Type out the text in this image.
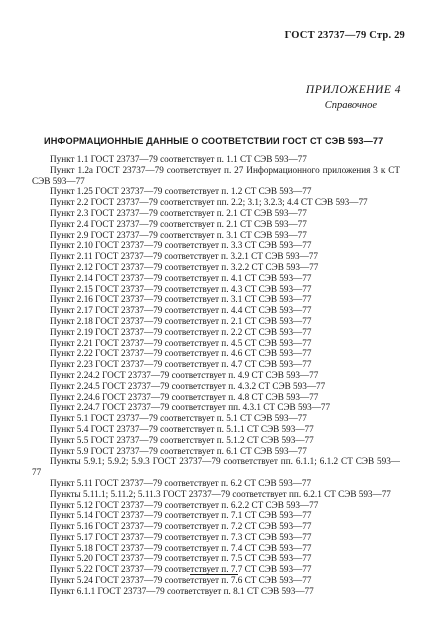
ГОСТ 23737—79 Стр. 29
ПРИЛОЖЕНИЕ 4
Справочное
ИНФОРМАЦИОННЫЕ ДАННЫЕ О СООТВЕТСТВИИ ГОСТ СТ СЭВ 593—77
Пункт 1.1 ГОСТ 23737—79 соответствует п. 1.1 СТ СЭВ 593—77
Пункт 1.2а ГОСТ 23737—79 соответствует п. 27 Информационного приложения 3 к СТ СЭВ 593—77
Пункт 1.25 ГОСТ 23737—79 соответствует п. 1.2 СТ СЭВ 593—77
Пункт 2.2 ГОСТ 23737—79 соответствует пп. 2.2; 3.1; 3.2.3; 4.4 СТ СЭВ 593—77
Пункт 2.3 ГОСТ 23737—79 соответствует п. 2.1 СТ СЭВ 593—77
Пункт 2.4 ГОСТ 23737—79 соответствует п. 2.1 СТ СЭВ 593—77
Пункт 2.9 ГОСТ 23737—79 соответствует п. 3.1 СТ СЭВ 593—77
Пункт 2.10 ГОСТ 23737—79 соответствует п. 3.3 СТ СЭВ 593—77
Пункт 2.11 ГОСТ 23737—79 соответствует п. 3.2.1 СТ СЭВ 593—77
Пункт 2.12 ГОСТ 23737—79 соответствует п. 3.2.2 СТ СЭВ 593—77
Пункт 2.14 ГОСТ 23737—79 соответствует п. 4.1 СТ СЭВ 593—77
Пункт 2.15 ГОСТ 23737—79 соответствует п. 4.3 СТ СЭВ 593—77
Пункт 2.16 ГОСТ 23737—79 соответствует п. 3.1 СТ СЭВ 593—77
Пункт 2.17 ГОСТ 23737—79 соответствует п. 4.4 СТ СЭВ 593—77
Пункт 2.18 ГОСТ 23737—79 соответствует п. 2.1 СТ СЭВ 593—77
Пункт 2.19 ГОСТ 23737—79 соответствует п. 2.2 СТ СЭВ 593—77
Пункт 2.21 ГОСТ 23737—79 соответствует п. 4.5 СТ СЭВ 593—77
Пункт 2.22 ГОСТ 23737—79 соответствует п. 4.6 СТ СЭВ 593—77
Пункт 2.23 ГОСТ 23737—79 соответствует п. 4.7 СТ СЭВ 593—77
Пункт 2.24.2 ГОСТ 23737—79 соответствует п. 4.9 СТ СЭВ 593—77
Пункт 2.24.5 ГОСТ 23737—79 соответствует п. 4.3.2 СТ СЭВ 593—77
Пункт 2.24.6 ГОСТ 23737—79 соответствует п. 4.8 СТ СЭВ 593—77
Пункт 2.24.7 ГОСТ 23737—79 соответствует пп. 4.3.1 СТ СЭВ 593—77
Пункт 5.1 ГОСТ 23737—79 соответствует п. 5.1 СТ СЭВ 593—77
Пункт 5.4 ГОСТ 23737—79 соответствует п. 5.1.1 СТ СЭВ 593—77
Пункт 5.5 ГОСТ 23737—79 соответствует п. 5.1.2 СТ СЭВ 593—77
Пункт 5.9 ГОСТ 23737—79 соответствует п. 6.1 СТ СЭВ 593—77
Пункты 5.9.1; 5.9.2; 5.9.3 ГОСТ 23737—79 соответствует пп. 6.1.1; 6.1.2 СТ СЭВ 593—77
Пункт 5.11 ГОСТ 23737—79 соответствует п. 6.2 СТ СЭВ 593—77
Пункты 5.11.1; 5.11.2; 5.11.3 ГОСТ 23737—79 соответствует пп. 6.2.1 СТ СЭВ 593—77
Пункт 5.12 ГОСТ 23737—79 соответствует п. 6.2.2 СТ СЭВ 593—77
Пункт 5.14 ГОСТ 23737—79 соответствует п. 7.1 СТ СЭВ 593—77
Пункт 5.16 ГОСТ 23737—79 соответствует п. 7.2 СТ СЭВ 593—77
Пункт 5.17 ГОСТ 23737—79 соответствует п. 7.3 СТ СЭВ 593—77
Пункт 5.18 ГОСТ 23737—79 соответствует п. 7.4 СТ СЭВ 593—77
Пункт 5.20 ГОСТ 23737—79 соответствует п. 7.5 СТ СЭВ 593—77
Пункт 5.22 ГОСТ 23737—79 соответствует п. 7.7 СТ СЭВ 593—77
Пункт 5.24 ГОСТ 23737—79 соответствует п. 7.6 СТ СЭВ 593—77
Пункт 6.1.1 ГОСТ 23737—79 соответствует п. 8.1 СТ СЭВ 593—77
